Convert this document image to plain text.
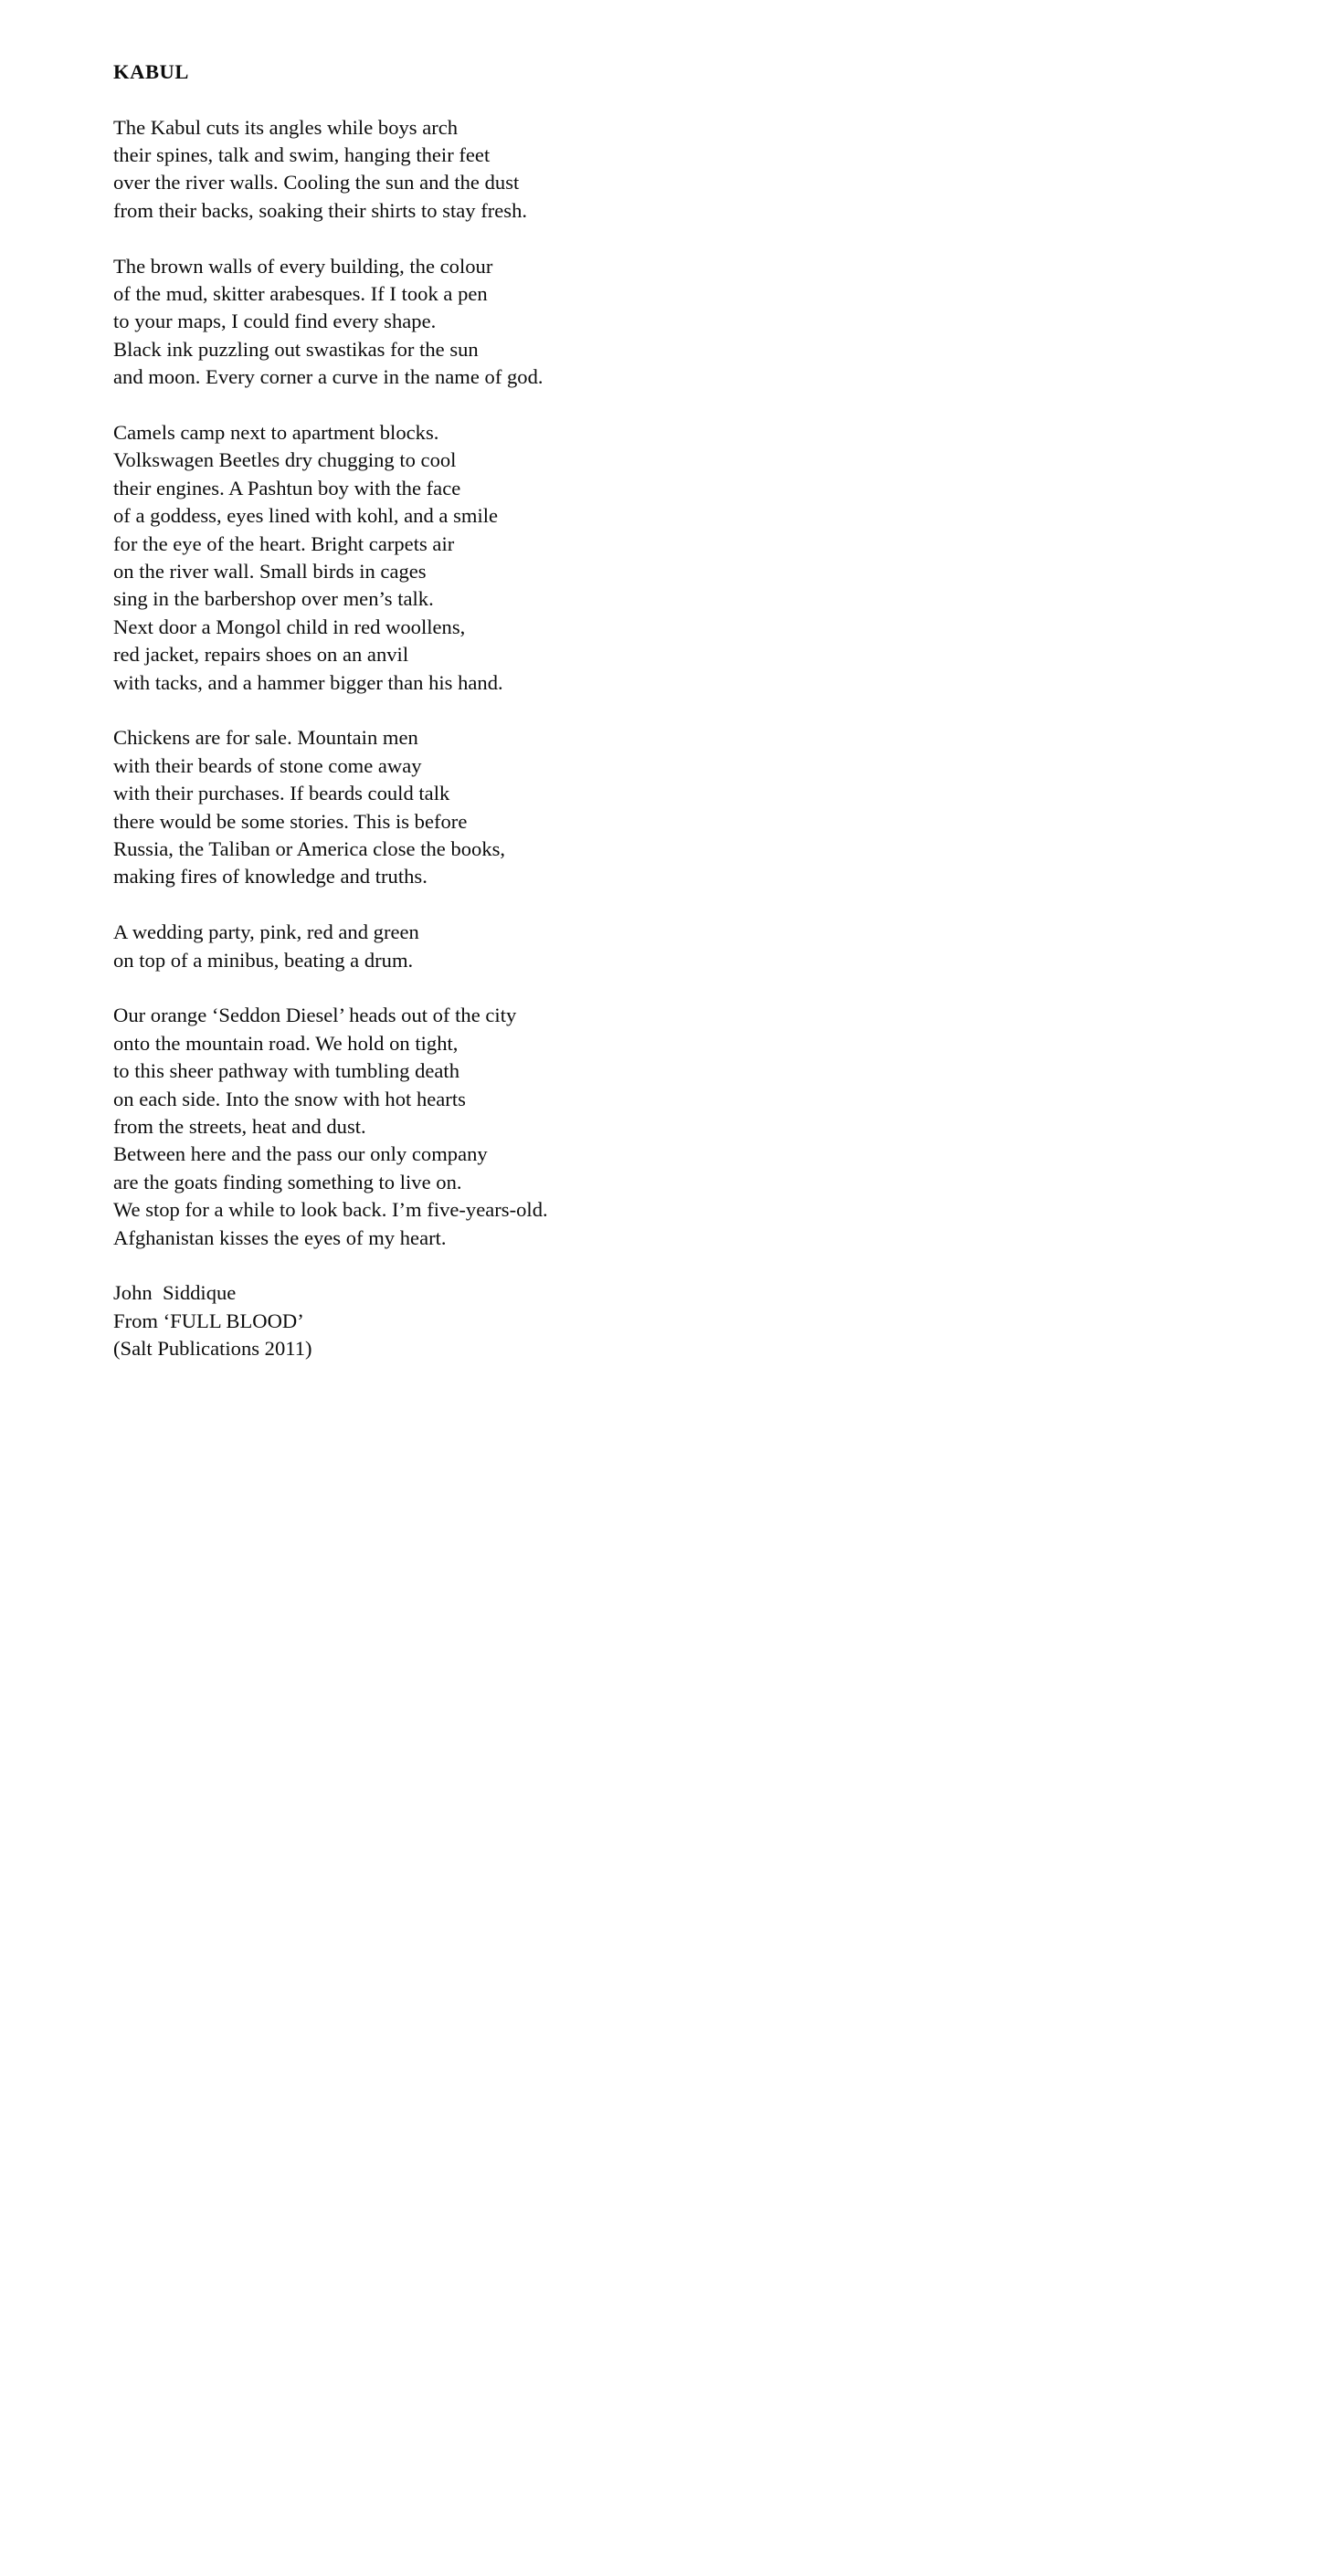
KABUL
The Kabul cuts its angles while boys arch
their spines, talk and swim, hanging their feet
over the river walls. Cooling the sun and the dust
from their backs, soaking their shirts to stay fresh.
The brown walls of every building, the colour
of the mud, skitter arabesques. If I took a pen
to your maps, I could find every shape.
Black ink puzzling out swastikas for the sun
and moon. Every corner a curve in the name of god.
Camels camp next to apartment blocks.
Volkswagen Beetles dry chugging to cool
their engines. A Pashtun boy with the face
of a goddess, eyes lined with kohl, and a smile
for the eye of the heart. Bright carpets air
on the river wall. Small birds in cages
sing in the barbershop over men’s talk.
Next door a Mongol child in red woollens,
red jacket, repairs shoes on an anvil
with tacks, and a hammer bigger than his hand.
Chickens are for sale. Mountain men
with their beards of stone come away
with their purchases. If beards could talk
there would be some stories. This is before
Russia, the Taliban or America close the books,
making fires of knowledge and truths.
A wedding party, pink, red and green
on top of a minibus, beating a drum.
Our orange ‘Seddon Diesel’ heads out of the city
onto the mountain road. We hold on tight,
to this sheer pathway with tumbling death
on each side. Into the snow with hot hearts
from the streets, heat and dust.
Between here and the pass our only company
are the goats finding something to live on.
We stop for a while to look back. I’m five-years-old.
Afghanistan kisses the eyes of my heart.
John  Siddique
From ‘FULL BLOOD’
(Salt Publications 2011)
